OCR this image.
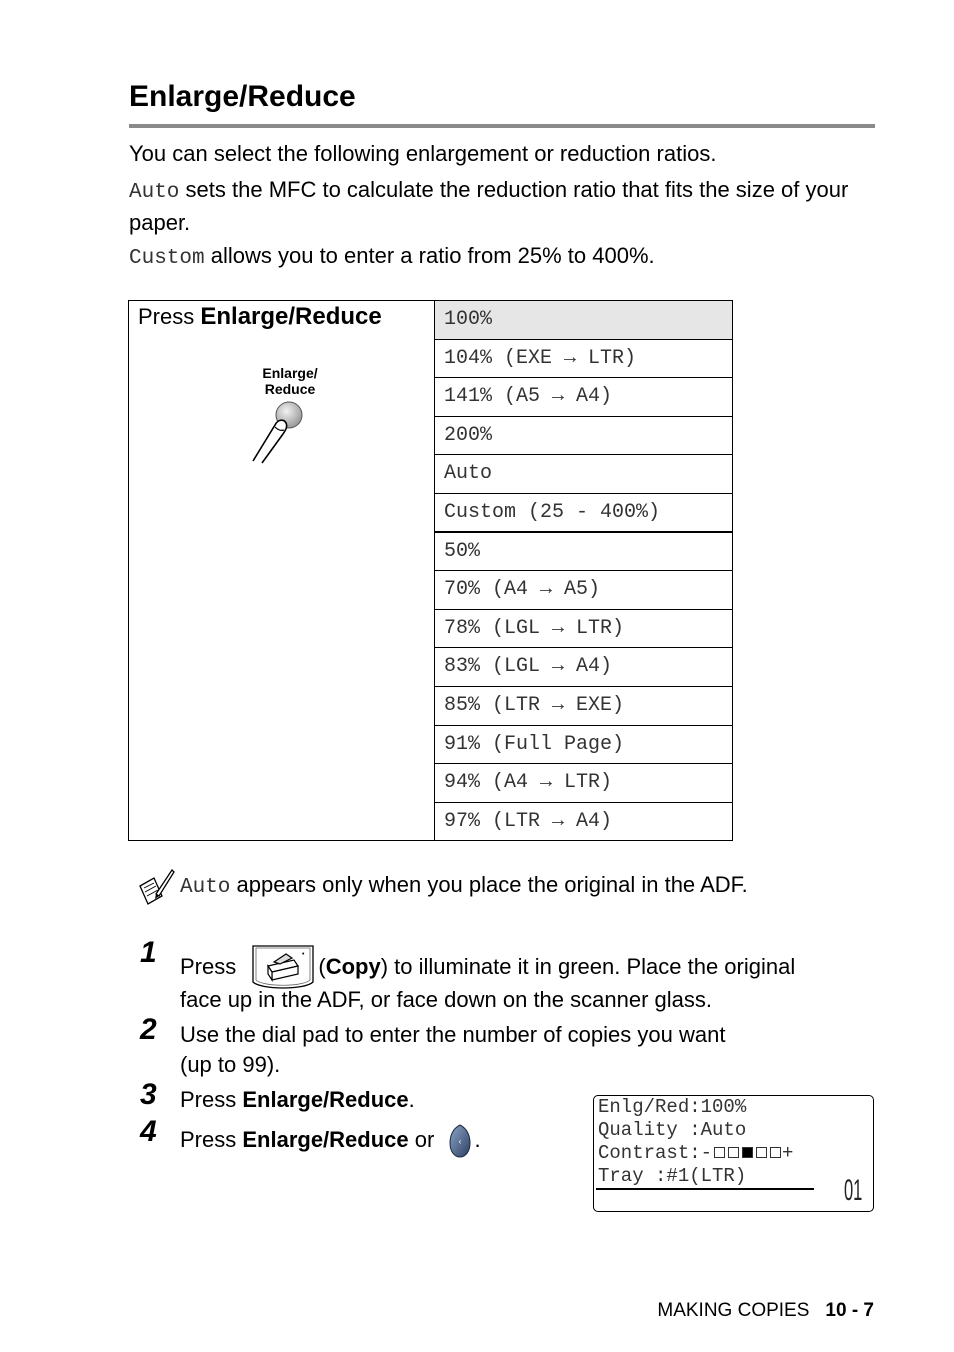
Enlarge/Reduce

You can select the following enlargement or reduction ratios.

Auto sets the MFC to calculate the reduction ratio that fits the size of your paper.

Custom allows you to enter a ratio from 25% to 400%.

Press Enlarge/Reduce
Enlarge/
Reduce
100%
104% (EXE → LTR)
141% (A5 → A4)
200%
Auto
Custom (25 - 400%)
50%
70% (A4 → A5)
78% (LGL → LTR)
83% (LGL → A4)
85% (LTR → EXE)
91% (Full Page)
94% (A4 → LTR)
97% (LTR → A4)
Auto appears only when you place the original in the ADF.
1 Press	• (Copy) to illuminate it in green. Place the original
face up in the ADF, or face down on the scanner glass.
2 Use the dial pad to enter the number of copies you want
(up to 99).
3 Press Enlarge/Reduce.
4 Press Enlarge/Reduce or ‹ .
Enlg/Red:100%
Quality :Auto
Contrast:-	+
Tray :#1(LTR)	01
MAKING COPIES 10 - 7
